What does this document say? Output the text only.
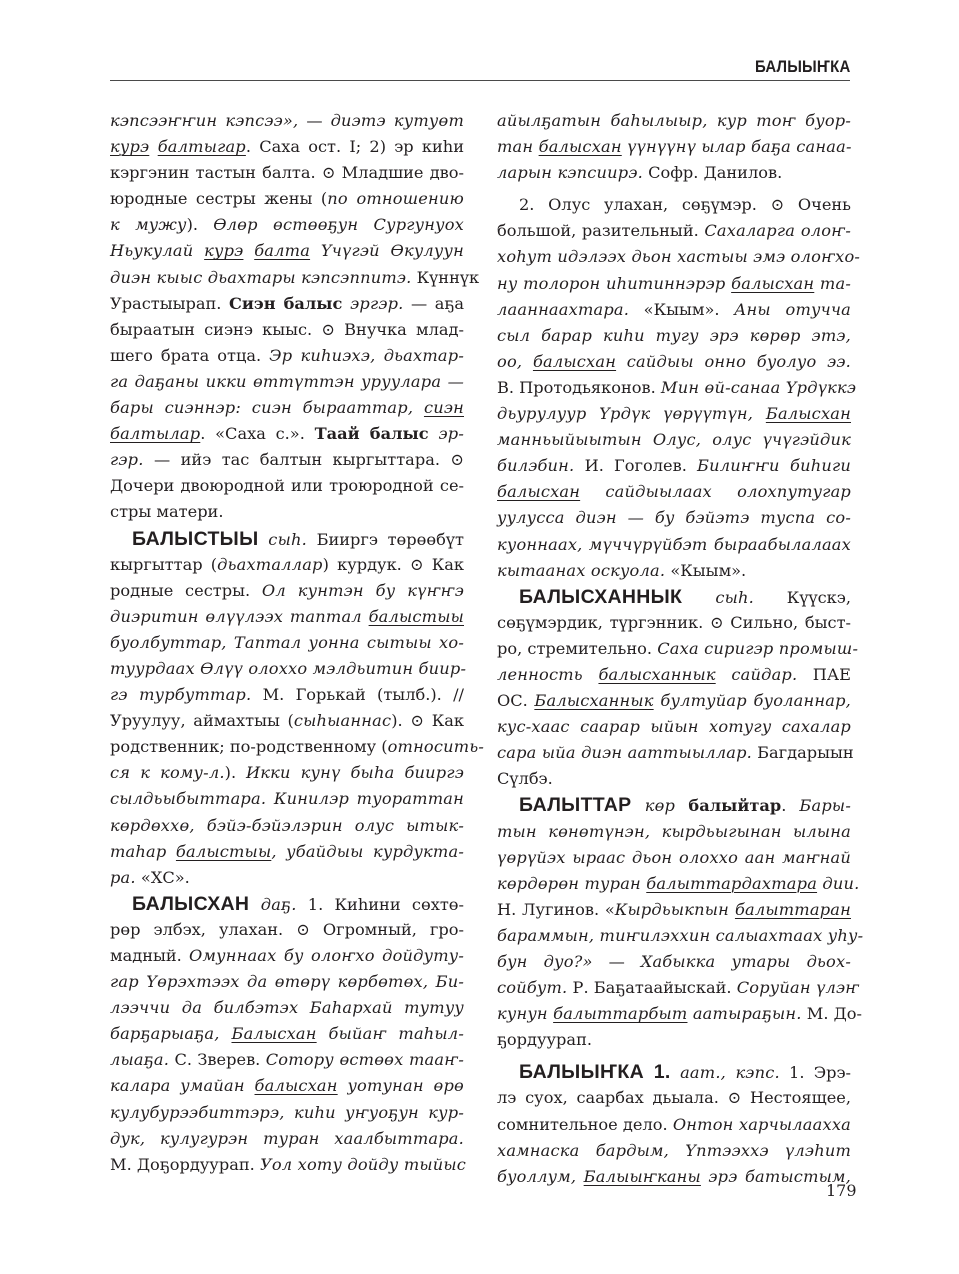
БАЛЫЫҤКА
кэпсээҥҥин кэпсээ», — диэтэ кутуөт
курэ балтыгар. Саха ост. I; 2) эр киhи
кэргэнин тастын балта. ⊙ Младшие дво-
юродные сестры жены (по отношению
к мужу). Өлөр өстөөҕун Сургунуох
Ньукулай курэ балта Үчүгэй Өкулуун
диэн кыыс дьахтары кэпсэппитэ. Күннүк
Урастыырап. Сиэн балыс эргэр. — аҕа
быраатын сиэнэ кыыс. ⊙ Внучка млад-
шего брата отца. Эр киhиэхэ, дьахтар-
га даҕаны икки өттүттэн уруулара —
бары сиэннэр: сиэн бырааттар, сиэн
балтылар. «Саха с.». Таай балыс эр-
гэр. — ийэ тас балтын кыргыттара. ⊙
Дочери двоюродной или троюродной се-
стры матери.
БАЛЫСТЫЫ сыh. Бииргэ төрөөбүт
кыргыттар (дьахталлар) курдук. ⊙ Как
родные сестры. Ол кунтэн бу күҥҥэ
диэритин өлүүлээх таптал балыстыы
буолбуттар, Таптал уонна сытыы хо-
туурдаах Өлүү олоххо мэлдьитин биир-
гэ турбуттар. М. Горькай (тылб.). //
Уруулуу, аймахтыы (сыhыаннас). ⊙ Как
родственник; по-родственному (относить-
ся к кому-л.). Икки кунү быhа бииргэ
сылдьыбыттара. Кинилэр туораттан
көрдөххө, бэйэ-бэйэлэрин олус ытык-
таhар балыстыы, убайдыы курдукта-
ра. «ХС».
БАЛЫСХАН даҕ. 1. Киhини сөхтө-
рөр элбэх, улахан. ⊙ Огромный, гро-
мадный. Омуннаах бу олоҥхо дойдуту-
гар Үөрэхтээх да өтөрү көрбөтөх, Би-
лээччи да билбэтэх Баhархай тутуу
барҕарыаҕа, Балысхан быйаҥ таhыл-
лыаҕа. С. Зверев. Сотору өстөөх тааҥ-
калара умайан балысхан уотунан өрө
кулубурээбиттэрэ, киhи уҥуоҕун кур-
дук, кулугурэн туран хаалбыттара.
М. Доҕордуурап. Уол хоту дойду тыйыс
айылҕатын баhылыыр, кур тоҥ буор-
тан балысхан үүнүүнү ылар баҕа санаа-
ларын кэпсиирэ. Софр. Данилов.
2. Олус улахан, сөҕүмэр. ⊙ Очень
большой, разительный. Сахаларга олоҥ-
хоhут идэлээх дьон хастыы эмэ олоҥхо-
ну толорон иhитиннэрэр балысхан та-
лааннаахтара. «Кыым». Аны отучча
сыл барар киhи тугу эрэ көрөр этэ,
оо, балысхан сайдыы онно буолуо ээ.
В. Протодьяконов. Мин өй-санаа Үрдүккэ
дьурулуур Үрдүк үөрүүтүн, Балысхан
манньыйыытын Олус, олус үчүгэйдик
билэбин. И. Гоголев. Билиҥҥи биhиги
балысхан сайдыылаах олохпутугар
уулусса диэн — бу бэйэтэ туспа со-
куоннаах, мүччүрүйбэт быраабылалаах
кытаанах оскуола. «Кыым».
БАЛЫСХАННЫК сыh. Күүскэ,
сөҕүмэрдик, түргэнник. ⊙ Сильно, быст-
ро, стремительно. Саха сиригэр промыш-
ленность балысханнык сайдар. ПАЕ
ОС. Балысханнык бултуйар буоланнар,
кус-хаас саарар ыйын хотугу сахалар
сара ыйа диэн ааттыыллар. Багдарыын
Сүлбэ.
БАЛЫТТАР көр балыйтар. Бары-
тын көнөтүнэн, кырдьыгынан ылына
үөрүйэх ыраас дьон олоххо аан маҥнай
көрдөрөн туран балыттардахтара дии.
Н. Лугинов. «Кырдьыкпын балыттаран
бараммын, тиҥилэххин салыахтаах уhу-
бун дуо?» — Хабыкка утары дьох-
сойбут. Р. Баҕатаайыскай. Соруйан үлэҥ
кунун балыттарбыт аатыраҕын. М. До-
ҕордуурап.
БАЛЫЫҤКА 1. аат., кэпс. 1. Эрэ-
лэ суох, саарбах дьыала. ⊙ Нестоящее,
сомнительное дело. Онтон харчылаахха
хамнаска бардым, Үптээххэ үлэhит
буоллум, Балыыҥканы эрэ батыстым,
179
